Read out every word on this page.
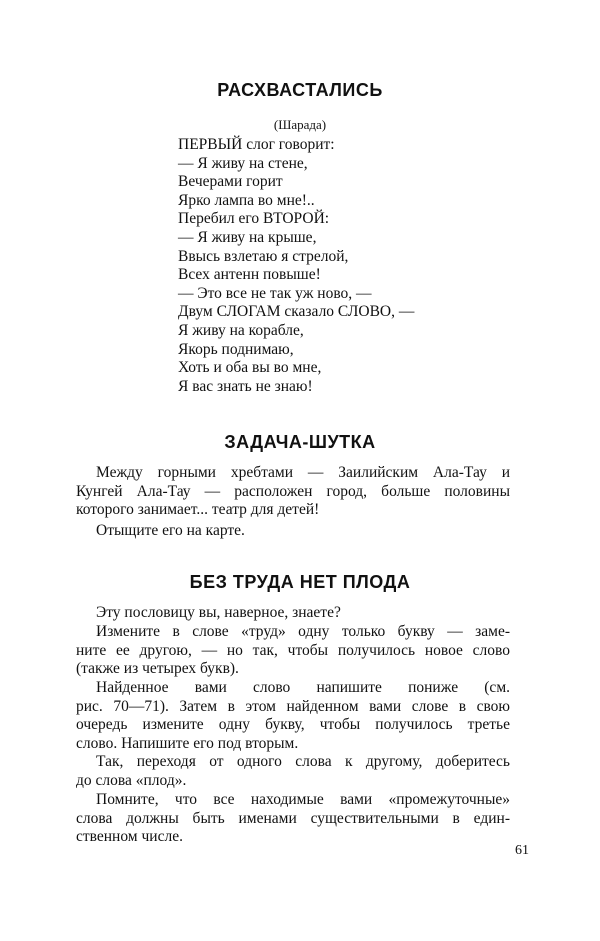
РАСХВАСТАЛИСЬ

(Шарада)

ПЕРВЫЙ слог говорит:
— Я живу на стене,
Вечерами горит
Ярко лампа во мне!..
Перебил его ВТОРОЙ:
— Я живу на крыше,
Ввысь взлетаю я стрелой,
Всех антенн повыше!
— Это все не так уж ново, —
Двум СЛОГАМ сказало СЛОВО, —
Я живу на корабле,
Якорь поднимаю,
Хоть и оба вы во мне,
Я вас знать не знаю!
ЗАДАЧА-ШУТКА
Между горными хребтами — Заилийским Ала-Тау и
Кунгей Ала-Тау — расположен город, больше половины
которого занимает... театр для детей!
Отыщите его на карте.
БЕЗ ТРУДА НЕТ ПЛОДА
Эту пословицу вы, наверное, знаете?
Измените в слове «труд» одну только букву — заме-
ните ее другою, — но так, чтобы получилось новое слово
(также из четырех букв).
Найденное вами слово напишите пониже (см.
рис. 70—71). Затем в этом найденном вами слове в свою
очередь измените одну букву, чтобы получилось третье
слово. Напишите его под вторым.
Так, переходя от одного слова к другому, доберитесь
до слова «плод».
Помните, что все находимые вами «промежуточные»
слова должны быть именами существительными в един-
ственном числе.

61
